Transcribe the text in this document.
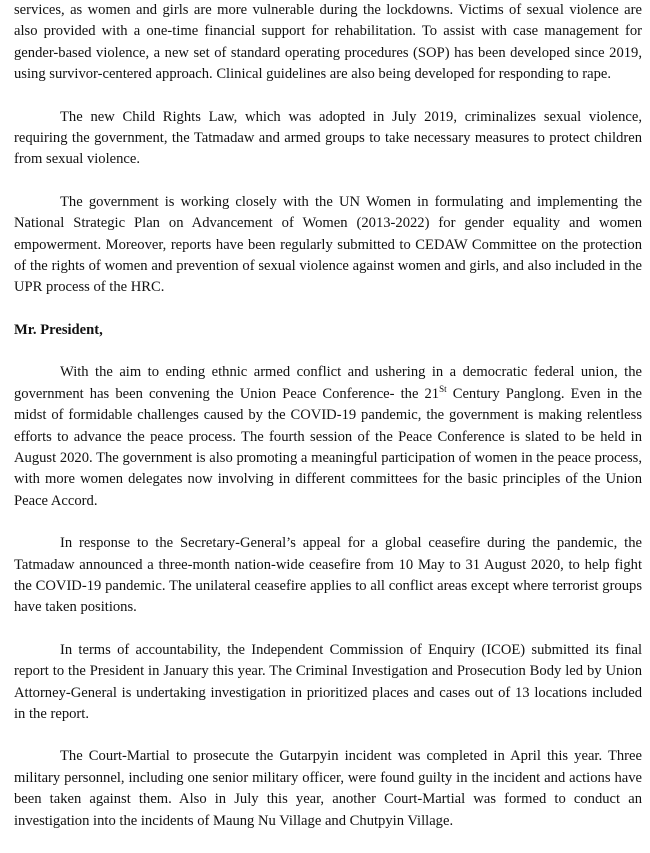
services, as women and girls are more vulnerable during the lockdowns. Victims of sexual violence are also provided with a one-time financial support for rehabilitation. To assist with case management for gender-based violence, a new set of standard operating procedures (SOP) has been developed since 2019, using survivor-centered approach. Clinical guidelines are also being developed for responding to rape.

The new Child Rights Law, which was adopted in July 2019, criminalizes sexual violence, requiring the government, the Tatmadaw and armed groups to take necessary measures to protect children from sexual violence.

The government is working closely with the UN Women in formulating and implementing the National Strategic Plan on Advancement of Women (2013-2022) for gender equality and women empowerment. Moreover, reports have been regularly submitted to CEDAW Committee on the protection of the rights of women and prevention of sexual violence against women and girls, and also included in the UPR process of the HRC.

Mr. President,

With the aim to ending ethnic armed conflict and ushering in a democratic federal union, the government has been convening the Union Peace Conference- the 21St Century Panglong. Even in the midst of formidable challenges caused by the COVID-19 pandemic, the government is making relentless efforts to advance the peace process. The fourth session of the Peace Conference is slated to be held in August 2020. The government is also promoting a meaningful participation of women in the peace process, with more women delegates now involving in different committees for the basic principles of the Union Peace Accord.

In response to the Secretary-General’s appeal for a global ceasefire during the pandemic, the Tatmadaw announced a three-month nation-wide ceasefire from 10 May to 31 August 2020, to help fight the COVID-19 pandemic. The unilateral ceasefire applies to all conflict areas except where terrorist groups have taken positions.

In terms of accountability, the Independent Commission of Enquiry (ICOE) submitted its final report to the President in January this year. The Criminal Investigation and Prosecution Body led by Union Attorney-General is undertaking investigation in prioritized places and cases out of 13 locations included in the report.

The Court-Martial to prosecute the Gutarpyin incident was completed in April this year. Three military personnel, including one senior military officer, were found guilty in the incident and actions have been taken against them. Also in July this year, another Court-Martial was formed to conduct an investigation into the incidents of Maung Nu Village and Chutpyin Village.
